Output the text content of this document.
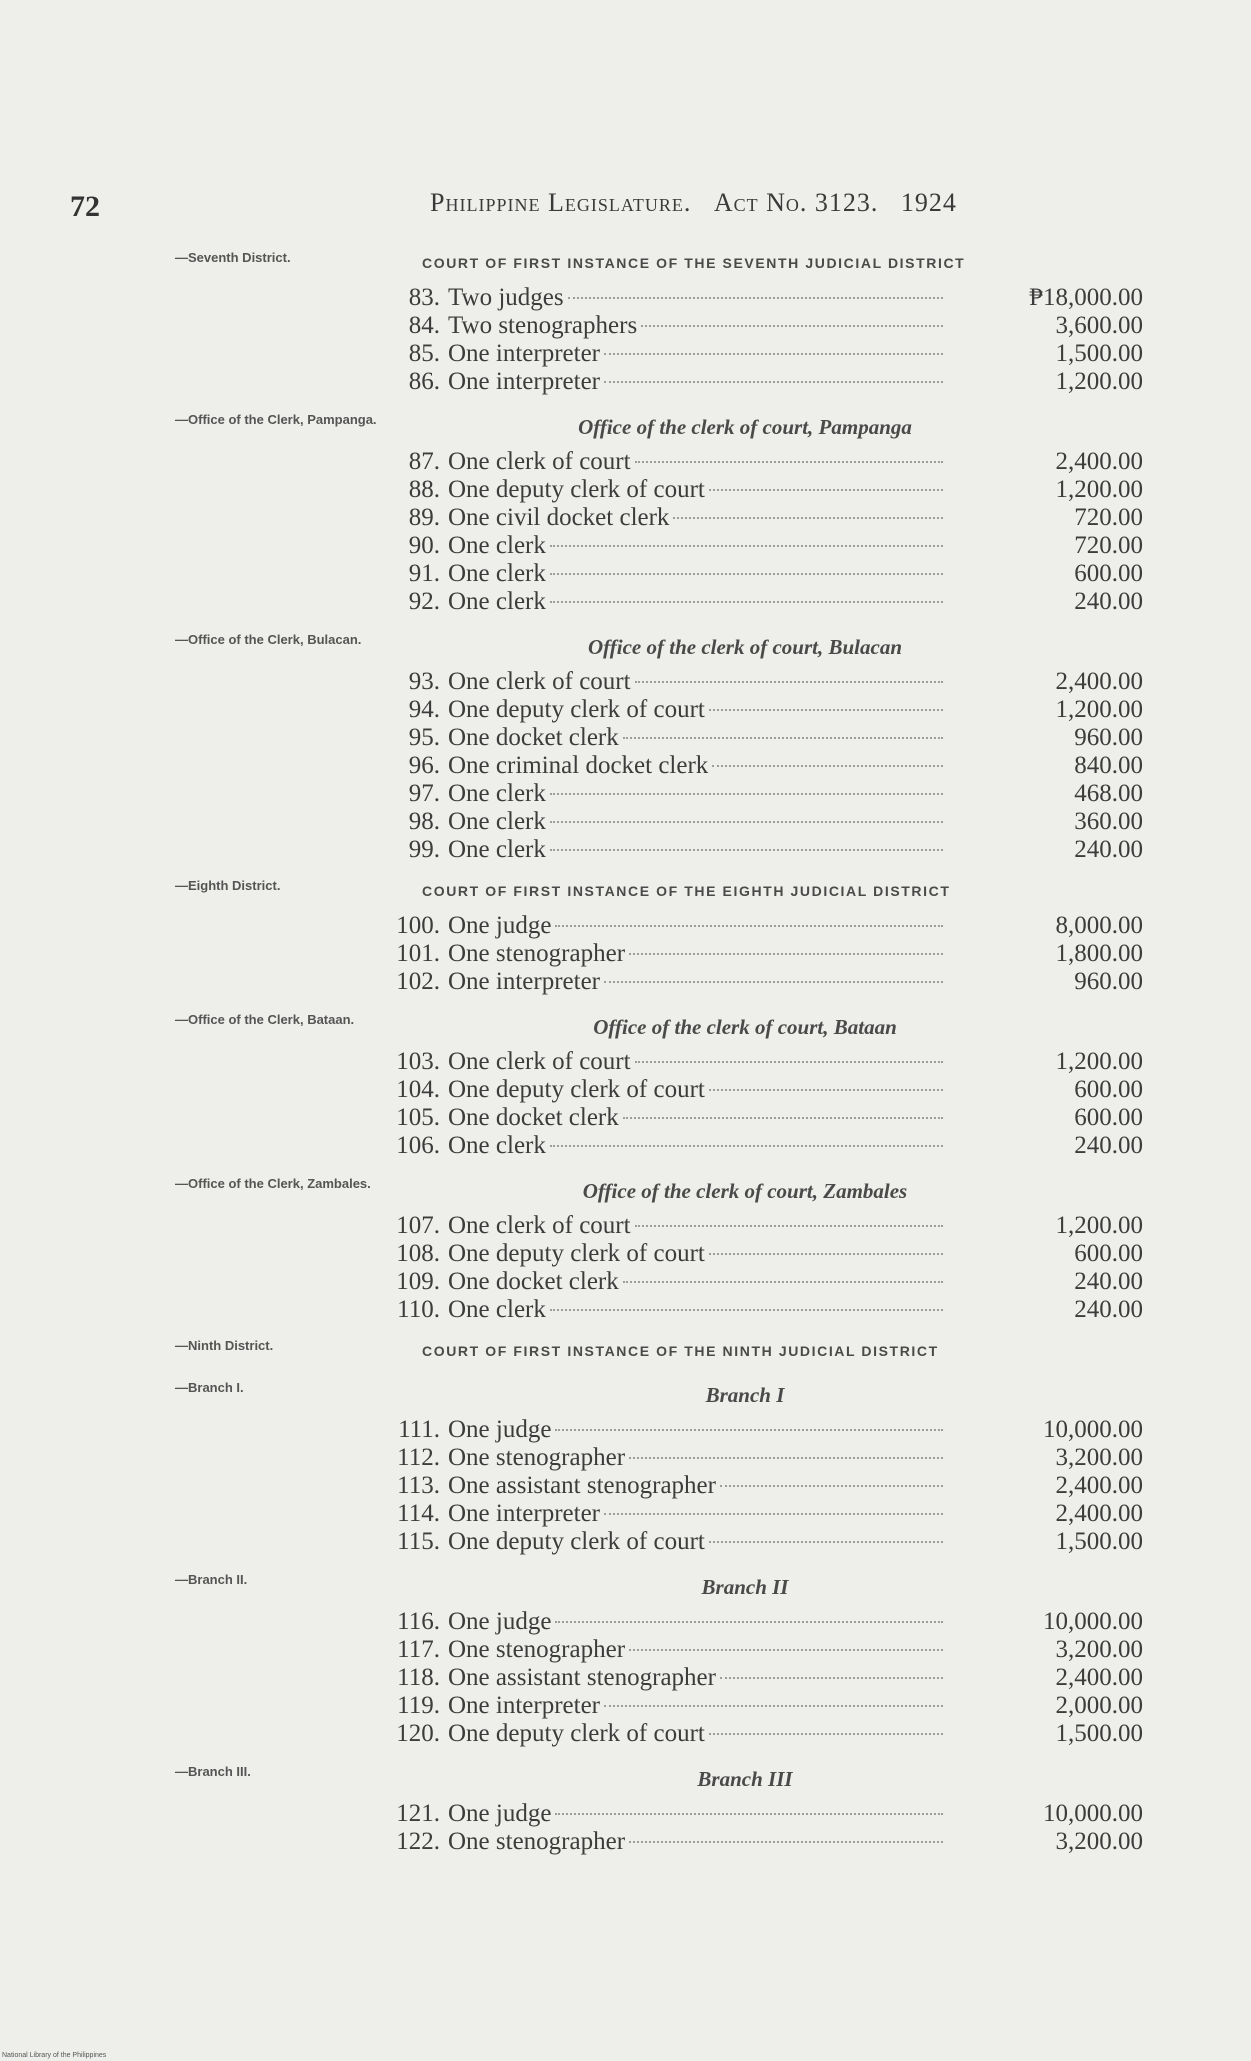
72	Philippine Legislature. Act No. 3123. 1924
—Seventh District.	COURT OF FIRST INSTANCE OF THE SEVENTH JUDICIAL DISTRICT
83. Two judges	₱18,000.00
84. Two stenographers	3,600.00
85. One interpreter	1,500.00
86. One interpreter	1,200.00
—Office of the Clerk, Pampanga.	Office of the clerk of court, Pampanga
87. One clerk of court	2,400.00
88. One deputy clerk of court	1,200.00
89. One civil docket clerk	720.00
90. One clerk	720.00
91. One clerk	600.00
92. One clerk	240.00
—Office of the Clerk, Bulacan.	Office of the clerk of court, Bulacan
93. One clerk of court	2,400.00
94. One deputy clerk of court	1,200.00
95. One docket clerk	960.00
96. One criminal docket clerk	840.00
97. One clerk	468.00
98. One clerk	360.00
99. One clerk	240.00
—Eighth District.	COURT OF FIRST INSTANCE OF THE EIGHTH JUDICIAL DISTRICT
100. One judge	8,000.00
101. One stenographer	1,800.00
102. One interpreter	960.00
—Office of the Clerk, Bataan.	Office of the clerk of court, Bataan
103. One clerk of court	1,200.00
104. One deputy clerk of court	600.00
105. One docket clerk	600.00
106. One clerk	240.00
—Office of the Clerk, Zambales.	Office of the clerk of court, Zambales
107. One clerk of court	1,200.00
108. One deputy clerk of court	600.00
109. One docket clerk	240.00
110. One clerk	240.00
—Ninth District.	COURT OF FIRST INSTANCE OF THE NINTH JUDICIAL DISTRICT
—Branch I.	Branch I
111. One judge	10,000.00
112. One stenographer	3,200.00
113. One assistant stenographer	2,400.00
114. One interpreter	2,400.00
115. One deputy clerk of court	1,500.00
—Branch II.	Branch II
116. One judge	10,000.00
117. One stenographer	3,200.00
118. One assistant stenographer	2,400.00
119. One interpreter	2,000.00
120. One deputy clerk of court	1,500.00
—Branch III.	Branch III
121. One judge	10,000.00
122. One stenographer	3,200.00
National Library of the Philippines
